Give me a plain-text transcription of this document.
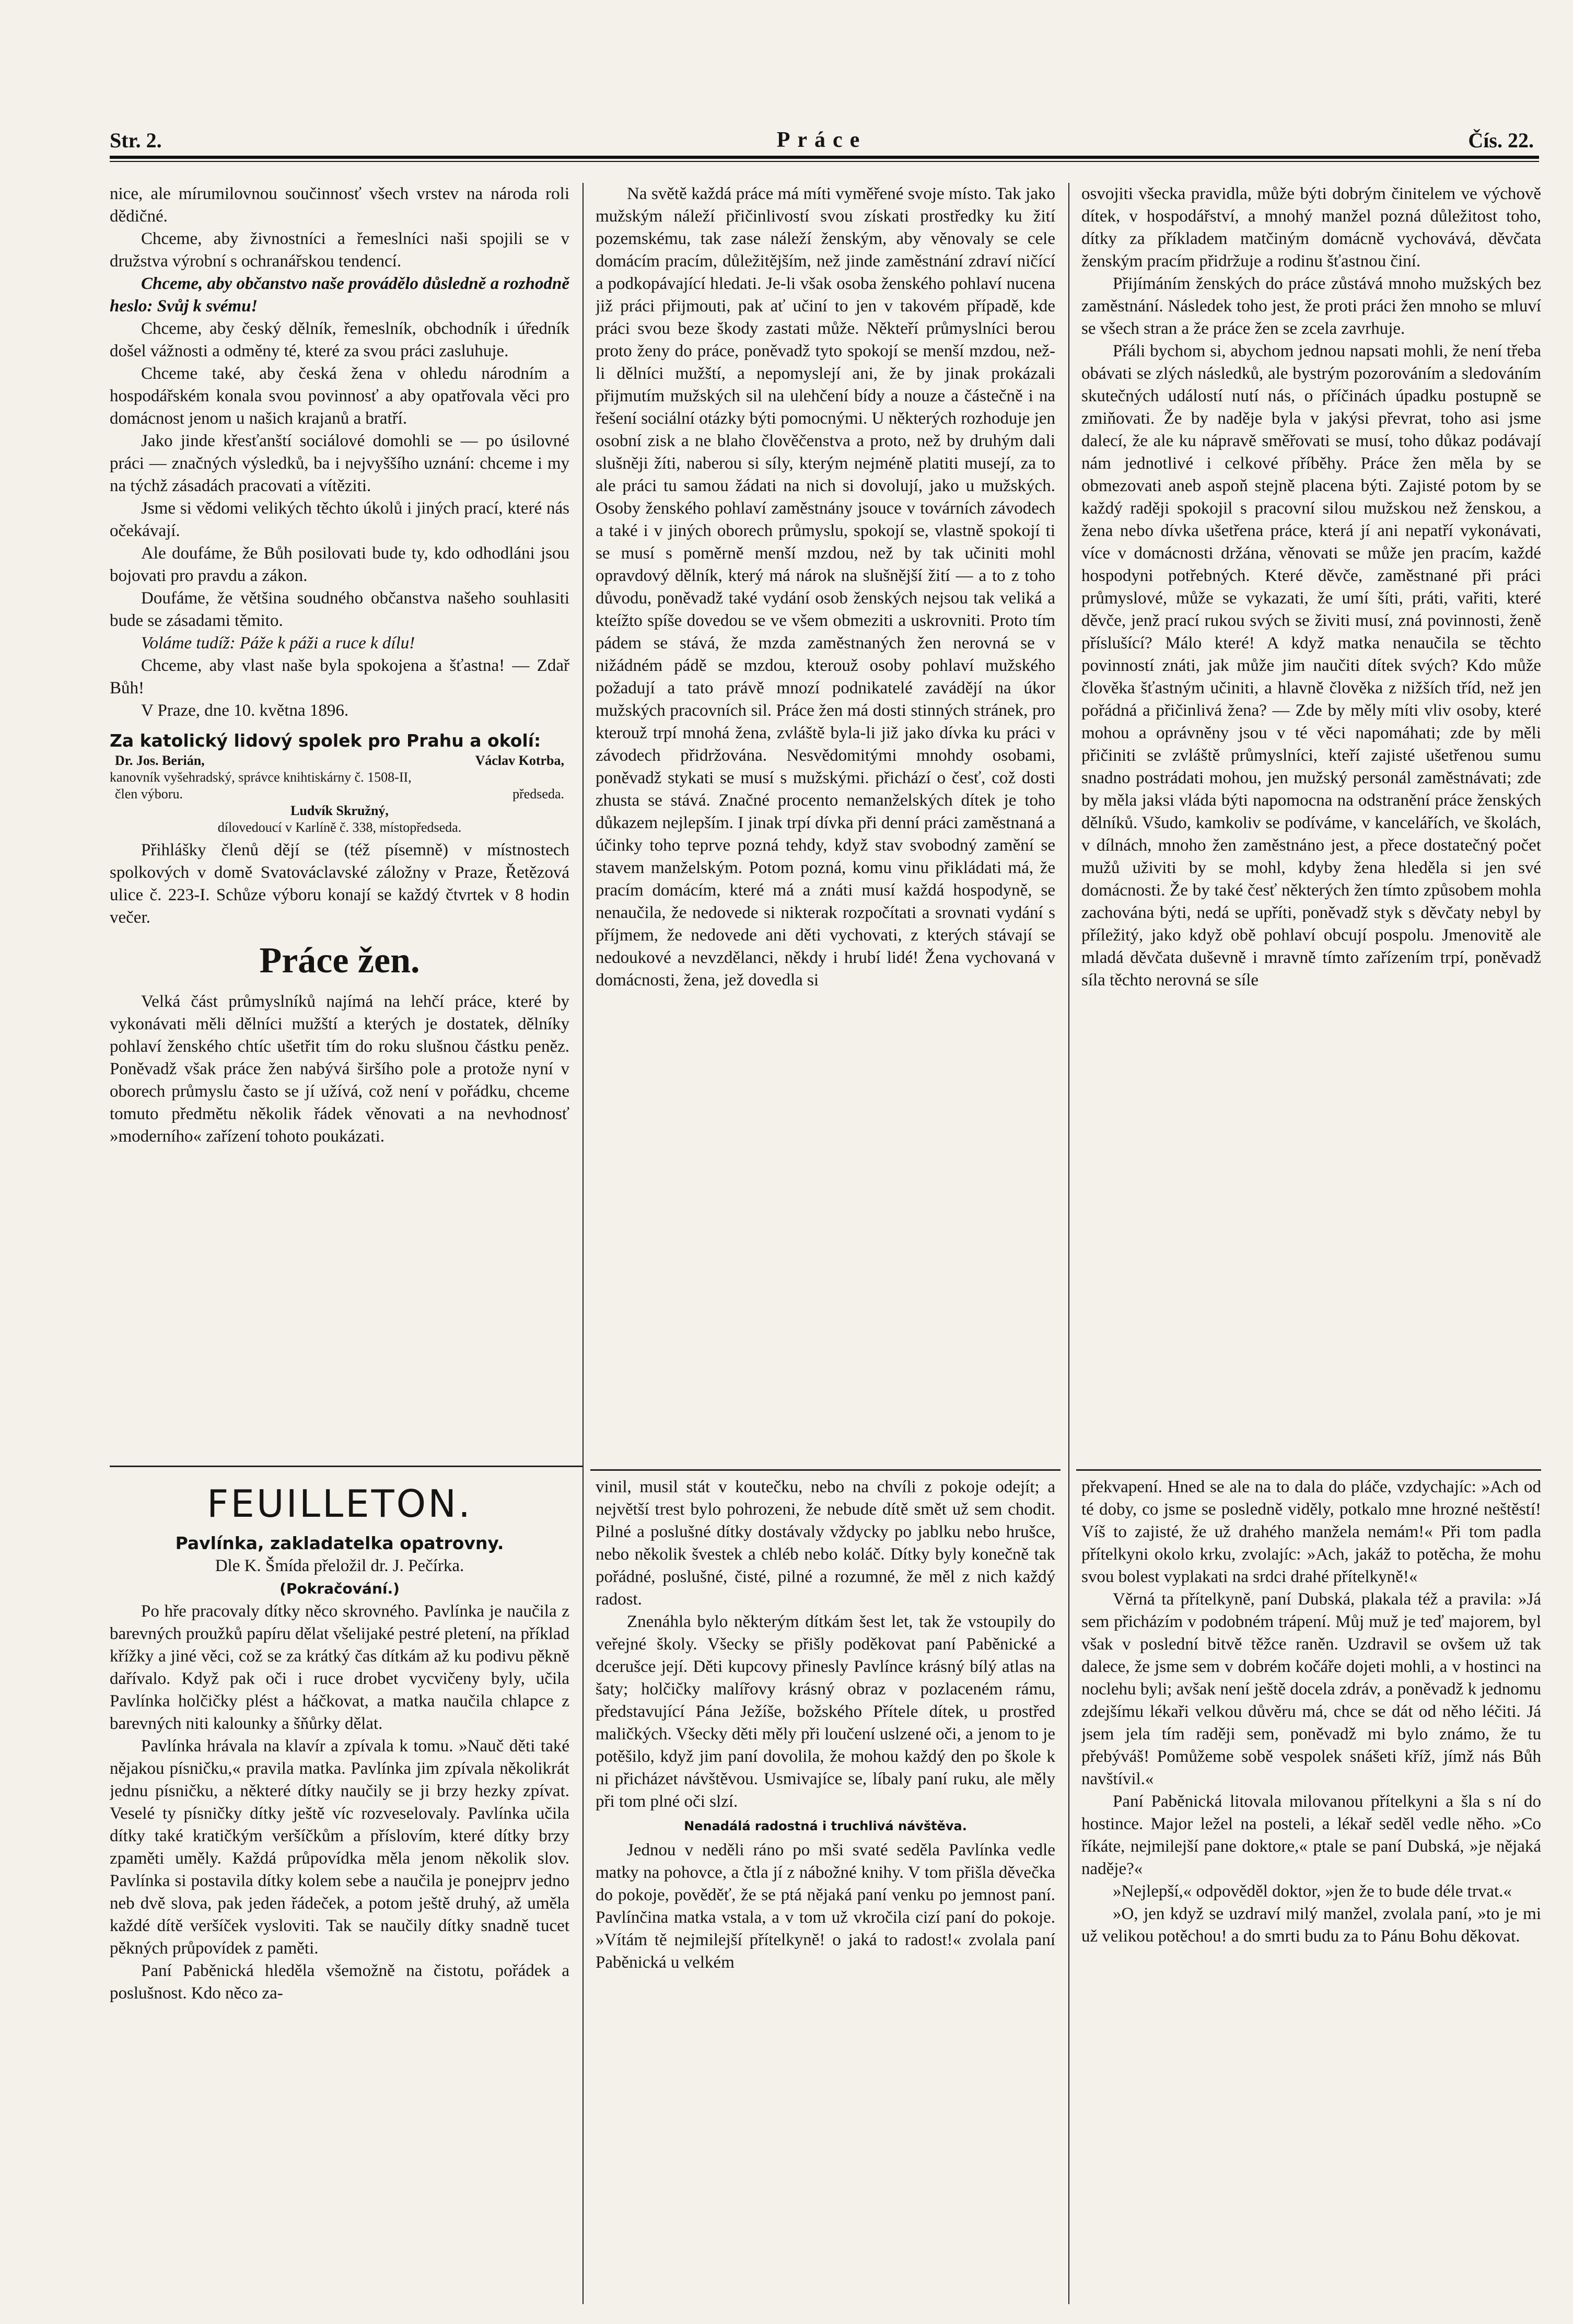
Str. 2.	Práce	Čís. 22.

nice, ale mírumilovnou součinnosť všech vrstev na národa roli dědičné.

Chceme, aby živnostníci a řemeslníci naši spojili se v družstva výrobní s ochranářskou tendencí.

Chceme, aby občanstvo naše provádělo důsledně a rozhodně heslo: Svůj k svému!

Chceme, aby český dělník, řemeslník, obchodník i úředník došel vážnosti a odměny té, které za svou práci zasluhuje.

Chceme také, aby česká žena v ohledu národním a hospodářském konala svou povinnosť a aby opatřovala věci pro domácnost jenom u našich krajanů a bratří.

Jako jinde křesťanští sociálové domohli se — po úsilovné práci — značných výsledků, ba i nejvyššího uznání: chceme i my na týchž zásadách pracovati a vítěziti.

Jsme si vědomi velikých těchto úkolů i jiných prací, které nás očekávají.

Ale doufáme, že Bůh posilovati bude ty, kdo odhodláni jsou bojovati pro pravdu a zákon.

Doufáme, že většina soudného občanstva našeho souhlasiti bude se zásadami těmito.

Voláme tudíž: Páže k páži a ruce k dílu!

Chceme, aby vlast naše byla spokojena a šťastna! — Zdař Bůh!

V Praze, dne 10. května 1896.

Za katolický lidový spolek pro Prahu a okolí:
Dr. Jos. Berián,	Václav Kotrba,
kanovník vyšehradský, správce knihtiskárny č. 1508-II,
člen výboru.	předseda.
Ludvík Skružný,
dílovedoucí v Karlíně č. 338, místopředseda.

Přihlášky členů dějí se (též písemně) v místnostech spolkových v domě Svatováclavské záložny v Praze, Řetězová ulice č. 223-I. Schůze výboru konají se každý čtvrtek v 8 hodin večer.

Práce žen.

Velká část průmyslníků najímá na lehčí práce, které by vykonávati měli dělníci mužští a kterých je dostatek, dělníky pohlaví ženského chtíc ušetřit tím do roku slušnou částku peněz. Poněvadž však práce žen nabývá širšího pole a protože nyní v oborech průmyslu často se jí užívá, což není v pořádku, chceme tomuto předmětu několik řádek věnovati a na nevhodnosť »moderního« zařízení tohoto poukázati.

Na světě každá práce má míti vyměřené svoje místo. Tak jako mužským náleží přičinlivostí svou získati prostředky ku žití pozemskému, tak zase náleží ženským, aby věnovaly se cele domácím pracím, důležitějším, než jinde zaměstnání zdraví ničící a podkopávající hledati. Je-li však osoba ženského pohlaví nucena již práci přijmouti, pak ať učiní to jen v takovém případě, kde práci svou beze škody zastati může. Někteří průmyslníci berou proto ženy do práce, poněvadž tyto spokojí se menší mzdou, než-li dělníci mužští, a nepomyslejí ani, že by jinak prokázali přijmutím mužských sil na ulehčení bídy a nouze a částečně i na řešení sociální otázky býti pomocnými. U některých rozhoduje jen osobní zisk a ne blaho člověčenstva a proto, než by druhým dali slušněji žíti, naberou si síly, kterým nejméně platiti musejí, za to ale práci tu samou žádati na nich si dovolují, jako u mužských. Osoby ženského pohlaví zaměstnány jsouce v továrních závodech a také i v jiných oborech průmyslu, spokojí se, vlastně spokojí ti se musí s poměrně menší mzdou, než by tak učiniti mohl opravdový dělník, který má nárok na slušnější žití — a to z toho důvodu, poněvadž také vydání osob ženských nejsou tak veliká a kteížto spíše dovedou se ve všem obmeziti a uskrovniti. Proto tím pádem se stává, že mzda zaměstnaných žen nerovná se v nižádném pádě se mzdou, kterouž osoby pohlaví mužského požadují a tato právě mnozí podnikatelé zavádějí na úkor mužských pracovních sil. Práce žen má dosti stinných stránek, pro kterouž trpí mnohá žena, zvláště byla-li již jako dívka ku práci v závodech přidržována. Nesvědomitými mnohdy osobami, poněvadž stykati se musí s mužskými. přichází o česť, což dosti zhusta se stává. Značné procento nemanželských dítek je toho důkazem nejlepším. I jinak trpí dívka při denní práci zaměstnaná a účinky toho teprve pozná tehdy, když stav svobodný zamění se stavem manželským. Potom pozná, komu vinu přikládati má, že pracím domácím, které má a znáti musí každá hospodyně, se nenaučila, že nedovede si nikterak rozpočítati a srovnati vydání s příjmem, že nedovede ani děti vychovati, z kterých stávají se nedoukové a nevzdělanci, někdy i hrubí lidé! Žena vychovaná v domácnosti, žena, jež dovedla si

osvojiti všecka pravidla, může býti dobrým činitelem ve výchově dítek, v hospodářství, a mnohý manžel pozná důležitost toho, dítky za příkladem matčiným domácně vychovává, děvčata ženským pracím přidržuje a rodinu šťastnou činí.

Přijímáním ženských do práce zůstává mnoho mužských bez zaměstnání. Následek toho jest, že proti práci žen mnoho se mluví se všech stran a že práce žen se zcela zavrhuje.

Přáli bychom si, abychom jednou napsati mohli, že není třeba obávati se zlých následků, ale bystrým pozorováním a sledováním skutečných událostí nutí nás, o příčinách úpadku postupně se zmiňovati. Že by naděje byla v jakýsi převrat, toho asi jsme dalecí, že ale ku nápravě směřovati se musí, toho důkaz podávají nám jednotlivé i celkové příběhy. Práce žen měla by se obmezovati aneb aspoň stejně placena býti. Zajisté potom by se každý raději spokojil s pracovní silou mužskou než ženskou, a žena nebo dívka ušetřena práce, která jí ani nepatří vykonávati, více v domácnosti držána, věnovati se může jen pracím, každé hospodyni potřebných. Které děvče, zaměstnané při práci průmyslové, může se vykazati, že umí šíti, práti, vařiti, které děvče, jenž prací rukou svých se živiti musí, zná povinnosti, ženě příslušící? Málo které! A když matka nenaučila se těchto povinností znáti, jak může jim naučiti dítek svých? Kdo může člověka šťastným učiniti, a hlavně člověka z nižších tříd, než jen pořádná a přičinlivá žena? — Zde by měly míti vliv osoby, které mohou a oprávněny jsou v té věci napomáhati; zde by měli přičiniti se zvláště průmyslníci, kteří zajisté ušetřenou sumu snadno postrádati mohou, jen mužský personál zaměstnávati; zde by měla jaksi vláda býti napomocna na odstranění práce ženských dělníků. Všudo, kamkoliv se podíváme, v kancelářích, ve školách, v dílnách, mnoho žen zaměstnáno jest, a přece dostatečný počet mužů uživiti by se mohl, kdyby žena hleděla si jen své domácnosti. Že by také česť některých žen tímto způsobem mohla zachována býti, nedá se upříti, poněvadž styk s děvčaty nebyl by příležitý, jako když obě pohlaví obcují pospolu. Jmenovitě ale mladá děvčata duševně i mravně tímto zařízením trpí, poněvadž síla těchto nerovná se síle

FEUILLETON.
Pavlínka, zakladatelka opatrovny.
Dle K. Šmída přeložil dr. J. Pečírka.
(Pokračování.)

Po hře pracovaly dítky něco skrovného. Pavlínka je naučila z barevných proužků papíru dělat všelijaké pestré pletení, na příklad křížky a jiné věci, což se za krátký čas dítkám až ku podivu pěkně dařívalo. Když pak oči i ruce drobet vycvičeny byly, učila Pavlínka holčičky plést a háčkovat, a matka naučila chlapce z barevných niti kalounky a šňůrky dělat.

Pavlínka hrávala na klavír a zpívala k tomu. »Nauč děti také nějakou písničku,« pravila matka. Pavlínka jim zpívala několikrát jednu písničku, a některé dítky naučily se ji brzy hezky zpívat. Veselé ty písničky dítky ještě víc rozveselovaly. Pavlínka učila dítky také kratičkým veršíčkům a příslovím, které dítky brzy zpaměti uměly. Každá průpovídka měla jenom několik slov. Pavlínka si postavila dítky kolem sebe a naučila je ponejprv jedno neb dvě slova, pak jeden řádeček, a potom ještě druhý, až uměla každé dítě veršíček vysloviti. Tak se naučily dítky snadně tucet pěkných průpovídek z paměti.

Paní Paběnická hleděla všemožně na čistotu, pořádek a poslušnost. Kdo něco za-

vinil, musil stát v koutečku, nebo na chvíli z pokoje odejít; a největší trest bylo pohrozeni, že nebude dítě smět už sem chodit. Pilné a poslušné dítky dostávaly vždycky po jablku nebo hrušce, nebo několik švestek a chléb nebo koláč. Dítky byly konečně tak pořádné, poslušné, čisté, pilné a rozumné, že měl z nich každý radost.

Znenáhla bylo některým dítkám šest let, tak že vstoupily do veřejné školy. Všecky se přišly poděkovat paní Paběnické a dcerušce její. Děti kupcovy přinesly Pavlínce krásný bílý atlas na šaty; holčičky malířovy krásný obraz v pozlaceném rámu, představující Pána Ježíše, božského Přítele dítek, u prostřed maličkých. Všecky děti měly při loučení uslzené oči, a jenom to je potěšilo, když jim paní dovolila, že mohou každý den po škole k ni přicházet návštěvou. Usmivajíce se, líbaly paní ruku, ale měly při tom plné oči slzí.

Nenadálá radostná i truchlivá návštěva.

Jednou v neděli ráno po mši svaté seděla Pavlínka vedle matky na pohovce, a čtla jí z nábožné knihy. V tom přišla děvečka do pokoje, pověděť, že se ptá nějaká paní venku po jemnost paní. Pavlínčina matka vstala, a v tom už vkročila cizí paní do pokoje. »Vítám tě nejmilejší přítelkyně! o jaká to radost!« zvolala paní Paběnická u velkém

překvapení. Hned se ale na to dala do pláče, vzdychajíc: »Ach od té doby, co jsme se posledně viděly, potkalo mne hrozné neštěstí! Víš to zajisté, že už drahého manžela nemám!« Při tom padla přítelkyni okolo krku, zvolajíc: »Ach, jakáž to potěcha, že mohu svou bolest vyplakati na srdci drahé přítelkyně!«

Věrná ta přítelkyně, paní Dubská, plakala též a pravila: »Já sem přicházím v podobném trápení. Můj muž je teď majorem, byl však v poslední bitvě těžce raněn. Uzdravil se ovšem už tak dalece, že jsme sem v dobrém kočáře dojeti mohli, a v hostinci na noclehu byli; avšak není ještě docela zdráv, a poněvadž k jednomu zdejšímu lékaři velkou důvěru má, chce se dát od něho léčiti. Já jsem jela tím raději sem, poněvadž mi bylo známo, že tu přebýváš! Pomůžeme sobě vespolek snášeti kříž, jímž nás Bůh navštívil.«

Paní Paběnická litovala milovanou přítelkyni a šla s ní do hostince. Major ležel na posteli, a lékař seděl vedle něho. »Co říkáte, nejmilejší pane doktore,« ptale se paní Dubská, »je nějaká naděje?«

»Nejlepší,« odpověděl doktor, »jen že to bude déle trvat.«

»O, jen když se uzdraví milý manžel, zvolala paní, »to je mi už velikou potěchou! a do smrti budu za to Pánu Bohu děkovat.
